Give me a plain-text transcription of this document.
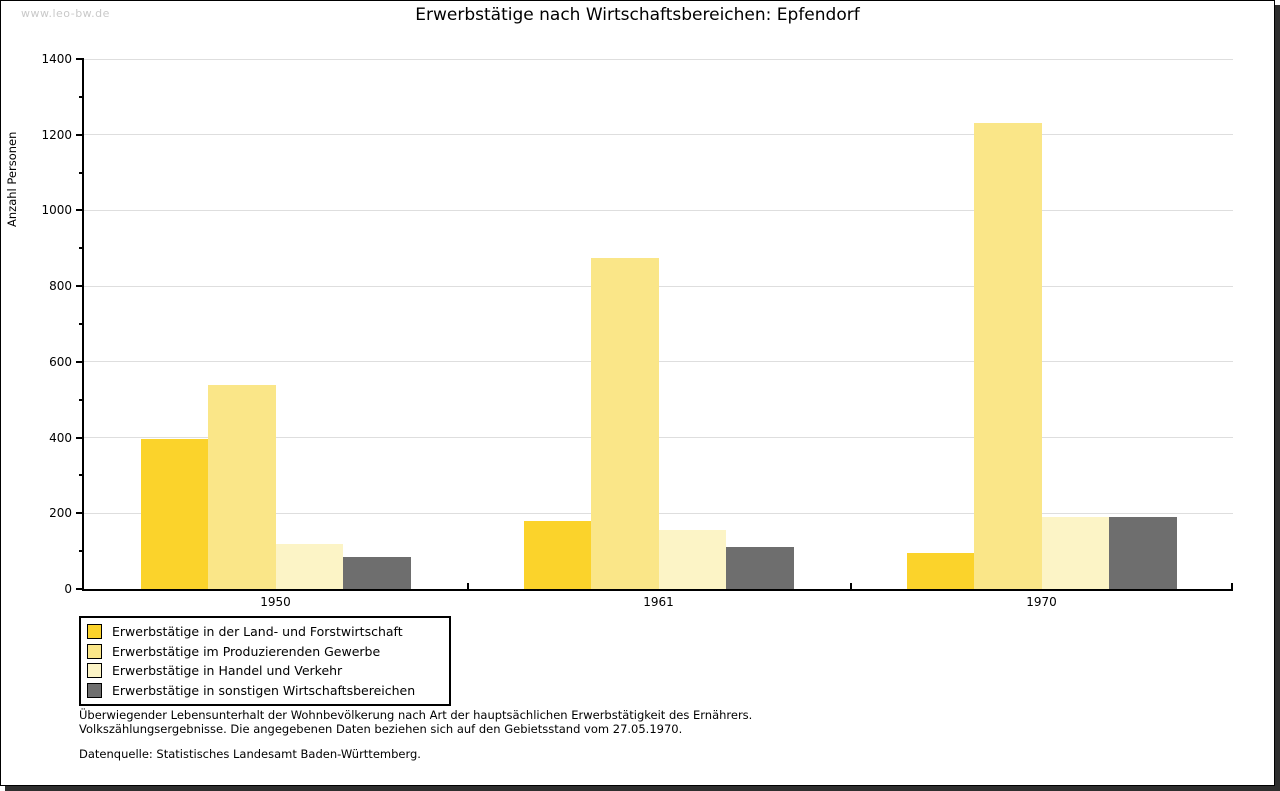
www.leo-bw.de	Erwerbstätige nach Wirtschaftsbereichen: Epfendorf
Anzahl Personen
0
200
400
600
800
1000
1200
1400
1950	1961	1970
Erwerbstätige in der Land- und Forstwirtschaft
Erwerbstätige im Produzierenden Gewerbe
Erwerbstätige in Handel und Verkehr
Erwerbstätige in sonstigen Wirtschaftsbereichen
Überwiegender Lebensunterhalt der Wohnbevölkerung nach Art der hauptsächlichen Erwerbstätigkeit des Ernährers.
Volkszählungsergebnisse. Die angegebenen Daten beziehen sich auf den Gebietsstand vom 27.05.1970.
Datenquelle: Statistisches Landesamt Baden-Württemberg.
